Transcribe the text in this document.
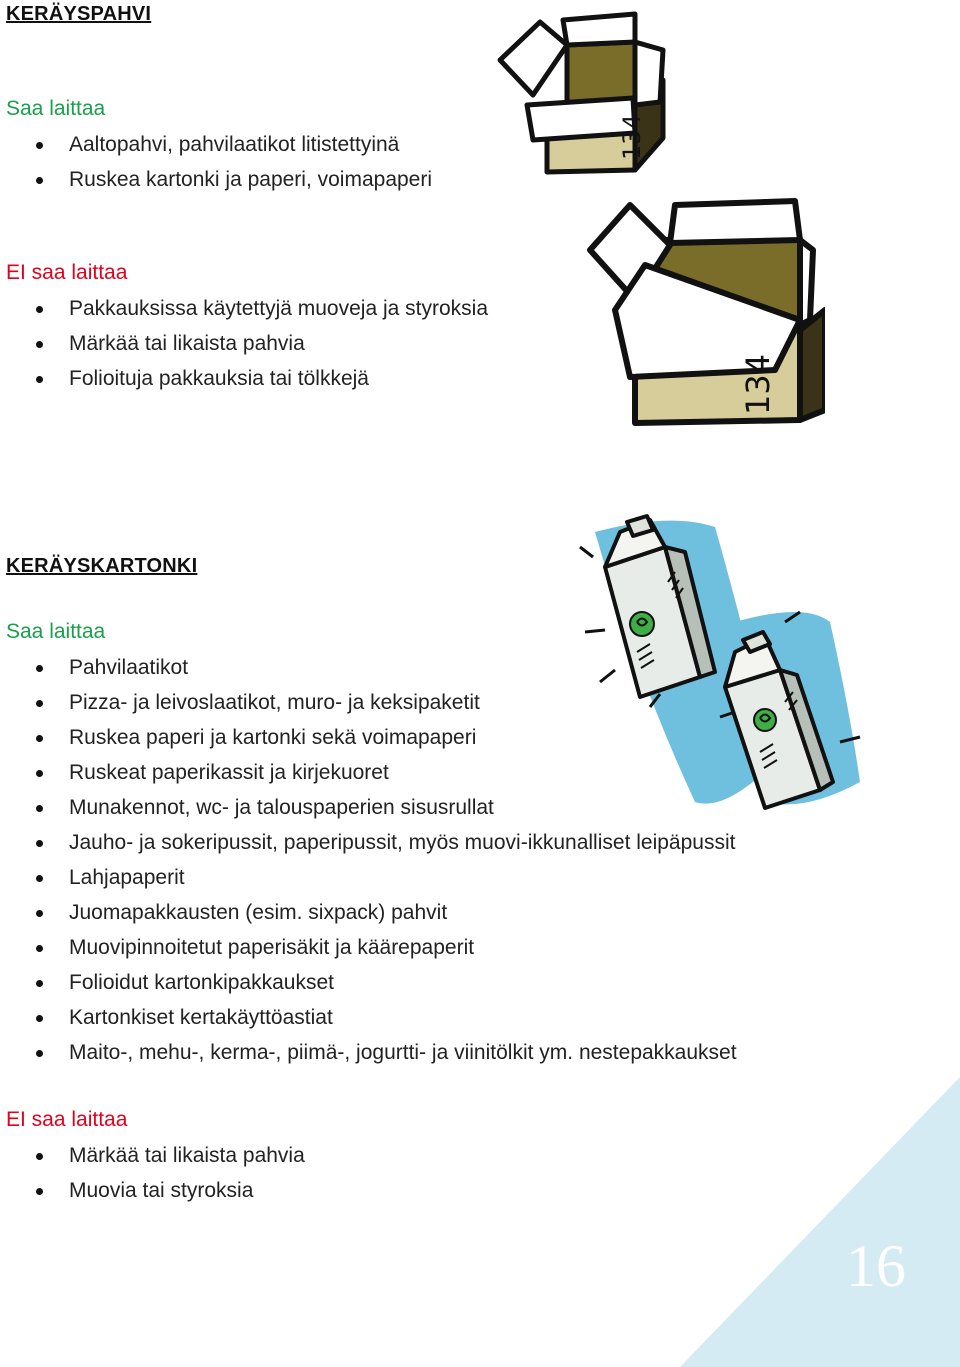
KERÄYSPAHVI
Saa laittaa
Aaltopahvi, pahvilaatikot litistettyinä
Ruskea kartonki ja paperi, voimapaperi
EI saa laittaa
Pakkauksissa käytettyjä muoveja ja styroksia
Märkää tai likaista pahvia
Folioituja pakkauksia tai tölkkejä
134
134
KERÄYSKARTONKI
Saa laittaa
Pahvilaatikot
Pizza- ja leivoslaatikot, muro- ja keksipaketit
Ruskea paperi ja kartonki sekä voimapaperi
Ruskeat paperikassit ja kirjekuoret
Munakennot, wc- ja talouspaperien sisusrullat
Jauho- ja sokeripussit, paperipussit, myös muovi-ikkunalliset leipäpussit
Lahjapaperit
Juomapakkausten (esim. sixpack) pahvit
Muovipinnoitetut paperisäkit ja käärepaperit
Folioidut kartonkipakkaukset
Kartonkiset kertakäyttöastiat
Maito-, mehu-, kerma-, piimä-, jogurtti- ja viinitölkit ym. nestepakkaukset
EI saa laittaa
Märkää tai likaista pahvia
Muovia tai styroksia
16
